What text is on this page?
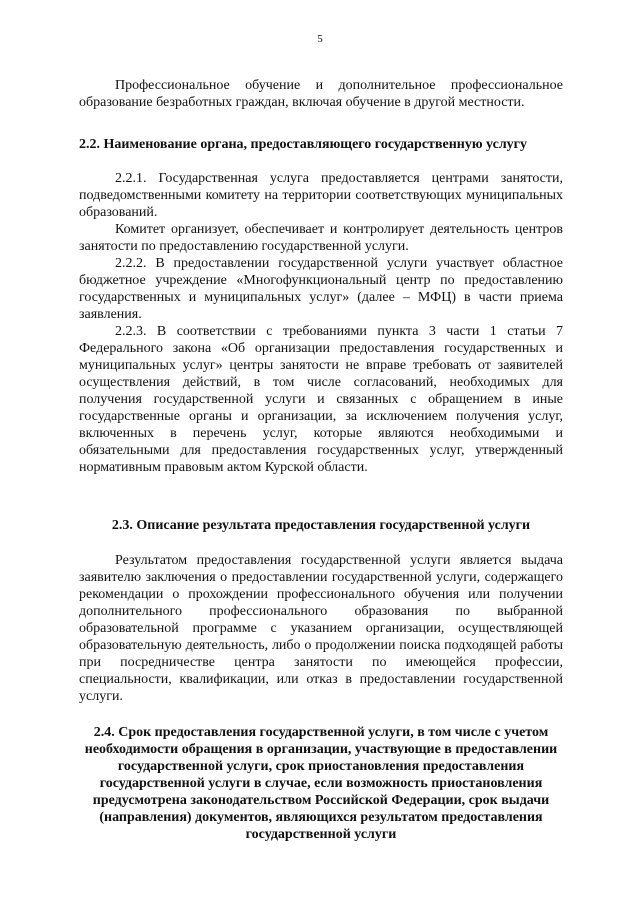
5

Профессиональное обучение и дополнительное профессиональное образование безработных граждан, включая обучение в другой местности.

2.2. Наименование органа, предоставляющего государственную услугу

2.2.1. Государственная услуга предоставляется центрами занятости, подведомственными комитету на территории соответствующих муниципальных образований.

Комитет организует, обеспечивает и контролирует деятельность центров занятости по предоставлению государственной услуги.

2.2.2. В предоставлении государственной услуги участвует областное бюджетное учреждение «Многофункциональный центр по предоставлению государственных и муниципальных услуг» (далее – МФЦ) в части приема заявления.

2.2.3. В соответствии с требованиями пункта 3 части 1 статьи 7 Федерального закона «Об организации предоставления государственных и муниципальных услуг» центры занятости не вправе требовать от заявителей осуществления действий, в том числе согласований, необходимых для получения государственной услуги и связанных с обращением в иные государственные органы и организации, за исключением получения услуг, включенных в перечень услуг, которые являются необходимыми и обязательными для предоставления государственных услуг, утвержденный нормативным правовым актом Курской области.

2.3. Описание результата предоставления государственной услуги

Результатом предоставления государственной услуги является выдача заявителю заключения о предоставлении государственной услуги, содержащего рекомендации о прохождении профессионального обучения или получении дополнительного профессионального образования по выбранной образовательной программе с указанием организации, осуществляющей образовательную деятельность, либо о продолжении поиска подходящей работы при посредничестве центра занятости по имеющейся профессии, специальности, квалификации, или отказ в предоставлении государственной услуги.

2.4. Срок предоставления государственной услуги, в том числе с учетом необходимости обращения в организации, участвующие в предоставлении государственной услуги, срок приостановления предоставления государственной услуги в случае, если возможность приостановления предусмотрена законодательством Российской Федерации, срок выдачи (направления) документов, являющихся результатом предоставления государственной услуги
